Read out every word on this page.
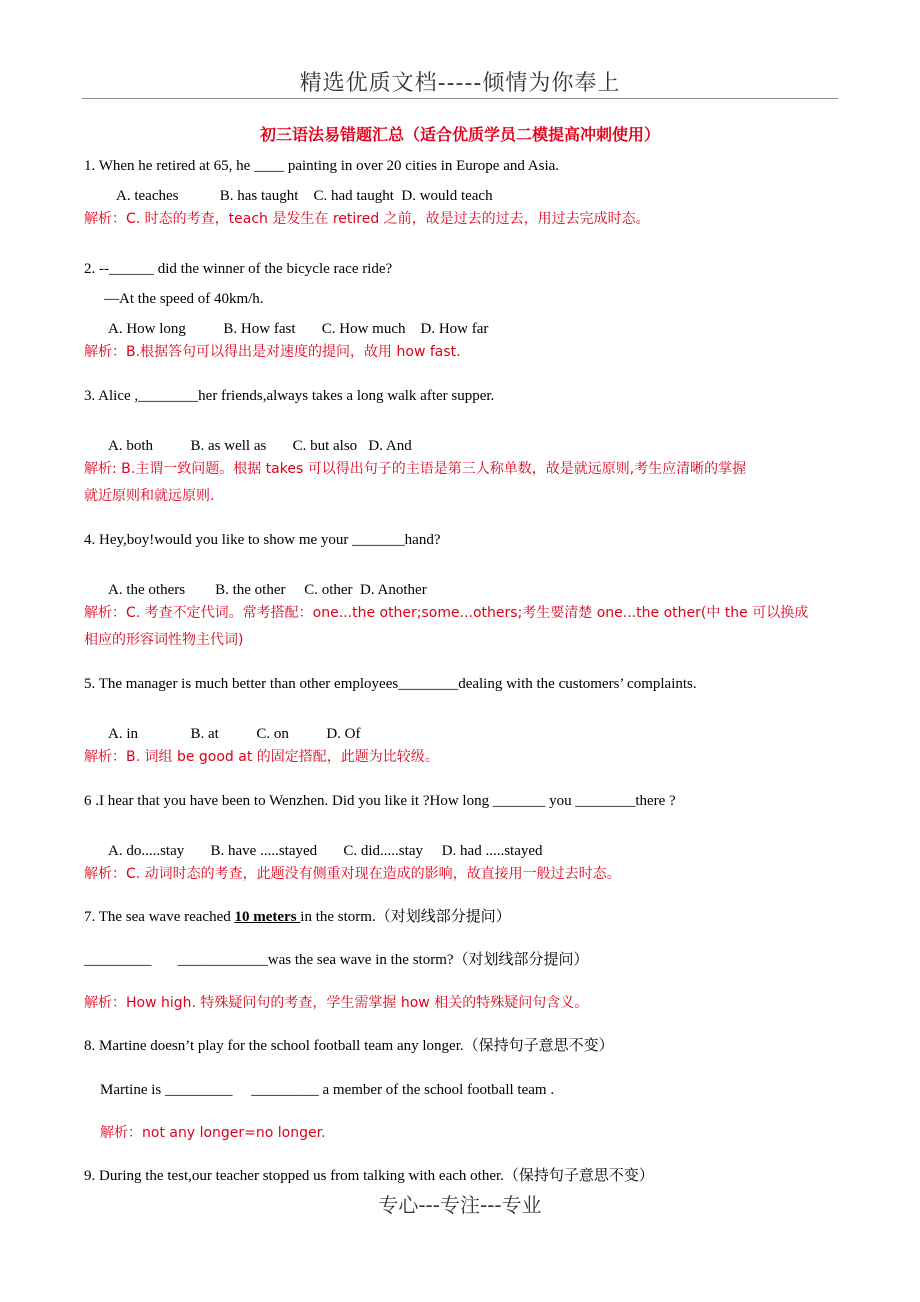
精选优质文档-----倾情为你奉上
初三语法易错题汇总（适合优质学员二模提高冲刺使用）
1. When he retired at 65, he ____ painting in over 20 cities in Europe and Asia.
A. teaches           B. has taught    C. had taught  D. would teach
解析：C. 时态的考查，teach 是发生在 retired 之前，故是过去的过去，用过去完成时态。
2. --______ did the winner of the bicycle race ride?
—At the speed of 40km/h.
A. How long          B. How fast       C. How much    D. How far
解析：B.根据答句可以得出是对速度的提问，故用 how fast.
3. Alice ,________her friends,always takes a long walk after supper.
A. both          B. as well as       C. but also   D. And
解析: B.主谓一致问题。根据 takes 可以得出句子的主语是第三人称单数，故是就远原则,考生应清晰的掌握
就近原则和就远原则.
4. Hey,boy!would you like to show me your _______hand?
A. the others        B. the other     C. other  D. Another
解析：C. 考查不定代词。常考搭配：one...the other;some...others;考生要清楚 one...the other(中 the 可以换成
相应的形容词性物主代词)
5. The manager is much better than other employees________dealing with the customers’ complaints.
A. in              B. at          C. on          D. Of
解析：B. 词组 be good at 的固定搭配，此题为比较级。
6 .I hear that you have been to Wenzhen. Did you like it ?How long _______ you ________there ?
A. do.....stay       B. have .....stayed       C. did.....stay     D. had .....stayed
解析：C. 动词时态的考查，此题没有侧重对现在造成的影响，故直接用一般过去时态。
7. The sea wave reached 10 meters in the storm.（对划线部分提问）
_________       ____________was the sea wave in the storm?（对划线部分提问）
解析：How high. 特殊疑问句的考查，学生需掌握 how 相关的特殊疑问句含义。
8. Martine doesn’t play for the school football team any longer.（保持句子意思不变）
Martine is _________     _________ a member of the school football team .
解析：not any longer=no longer.
9. During the test,our teacher stopped us from talking with each other.（保持句子意思不变）
专心---专注---专业
